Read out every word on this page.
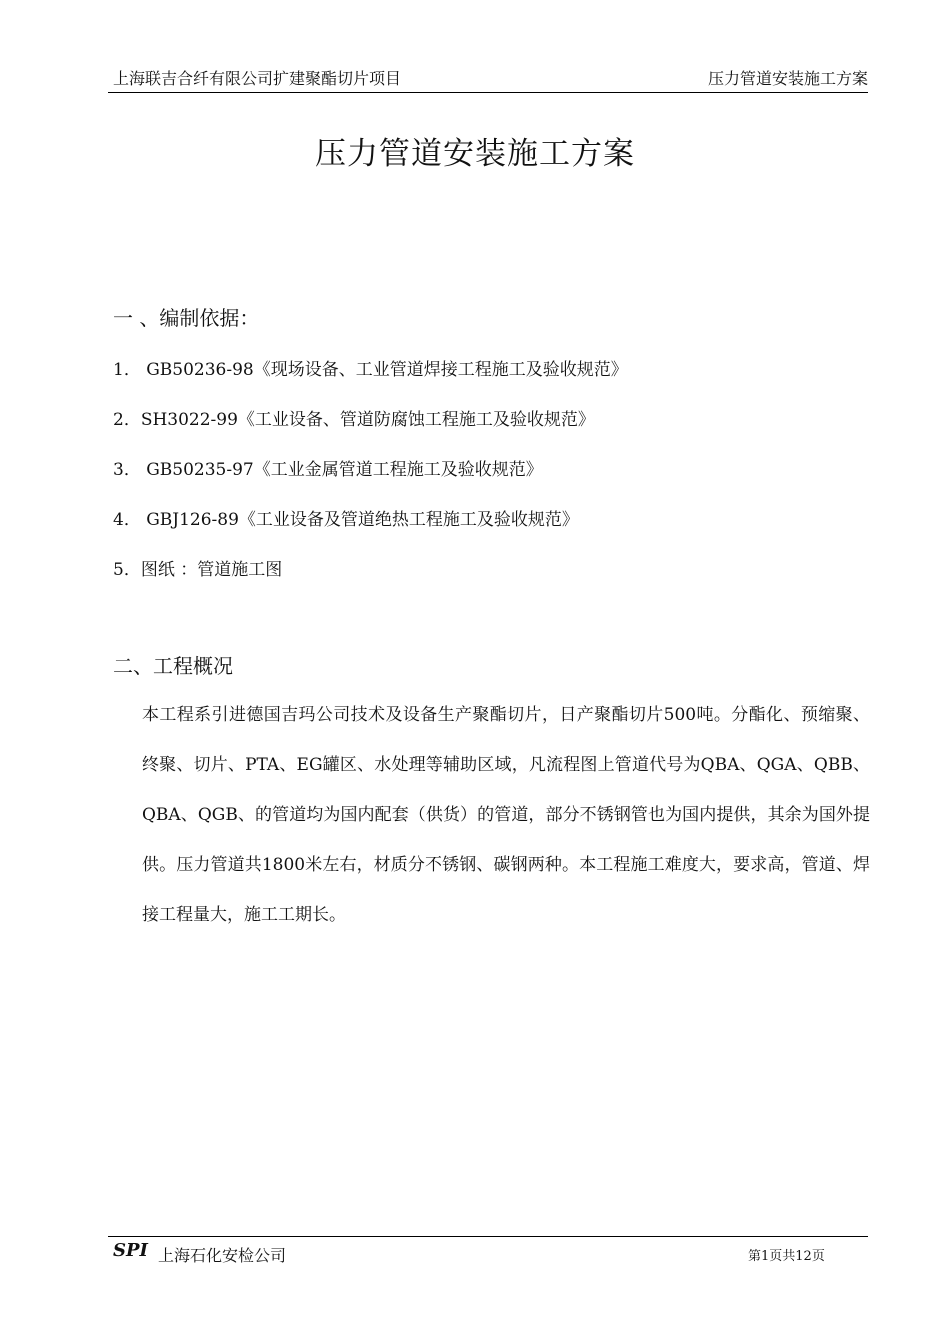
上海联吉合纤有限公司扩建聚酯切片项目	压力管道安装施工方案
压力管道安装施工方案
一 、编制依据：
1． GB50236-98《现场设备、工业管道焊接工程施工及验收规范》
2．SH3022-99《工业设备、管道防腐蚀工程施工及验收规范》
3． GB50235-97《工业金属管道工程施工及验收规范》
4． GBJ126-89《工业设备及管道绝热工程施工及验收规范》
5．图纸 ：管道施工图
二、工程概况
本工程系引进德国吉玛公司技术及设备生产聚酯切片，日产聚酯切片500吨。分酯化、预缩聚、终聚、切片、PTA、EG罐区、水处理等辅助区域，凡流程图上管道代号为QBA、QGA、QBB、QBA、QGB、的管道均为国内配套（供货）的管道，部分不锈钢管也为国内提供，其余为国外提供。压力管道共1800米左右，材质分不锈钢、碳钢两种。本工程施工难度大，要求高，管道、焊接工程量大，施工工期长。
SPI 上海石化安检公司	第1页共12页
